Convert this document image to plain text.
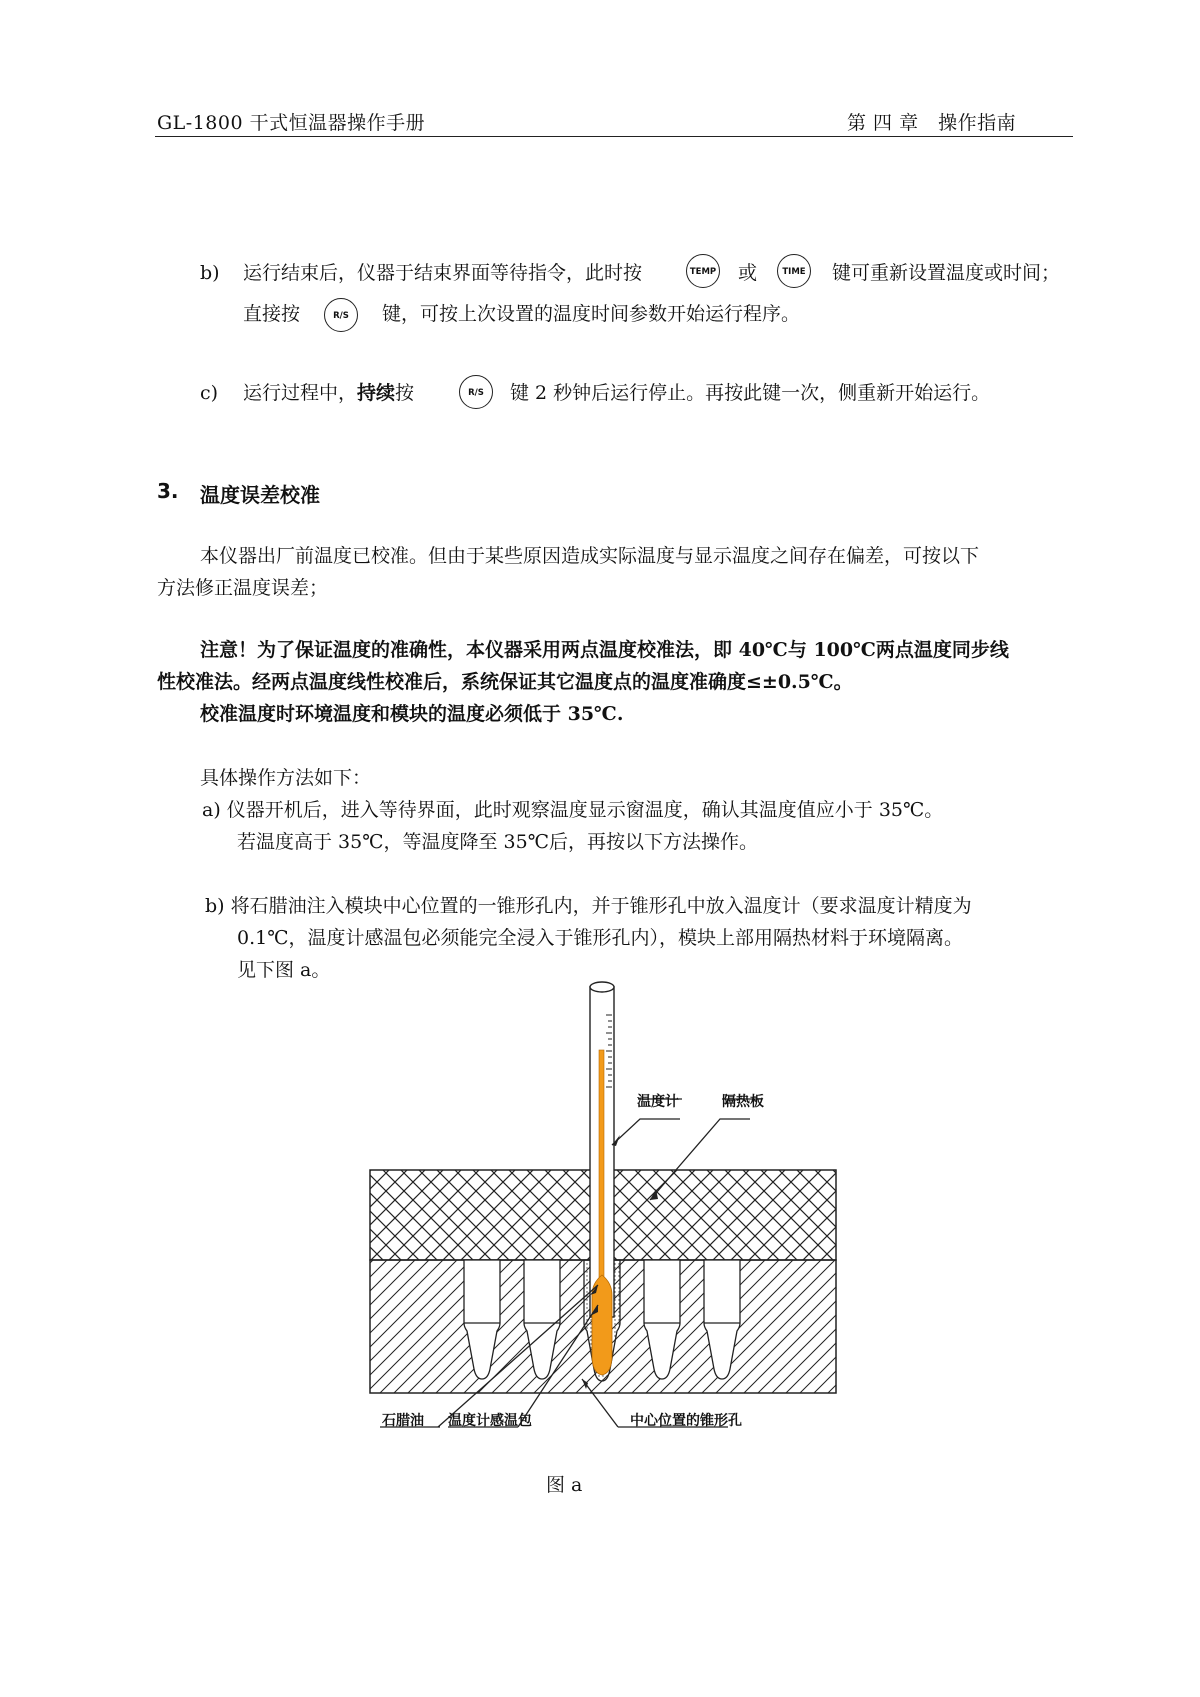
GL-1800 干式恒温器操作手册	第 四 章　操作指南
b) 运行结束后，仪器于结束界面等待指令，此时按	TEMP 或	TIME 键可重新设置温度或时间；
直接按	R/S	键，可按上次设置的温度时间参数开始运行程序。
c) 运行过程中，持续按	R/S	键 2 秒钟后运行停止。再按此键一次，侧重新开始运行。
3. 温度误差校准
本仪器出厂前温度已校准。但由于某些原因造成实际温度与显示温度之间存在偏差，可按以下
方法修正温度误差；
注意！为了保证温度的准确性，本仪器采用两点温度校准法，即 40℃与 100℃两点温度同步线
性校准法。经两点温度线性校准后，系统保证其它温度点的温度准确度≤±0.5℃。
校准温度时环境温度和模块的温度必须低于 35℃.
具体操作方法如下：
a) 仪器开机后，进入等待界面，此时观察温度显示窗温度，确认其温度值应小于 35℃。
若温度高于 35℃，等温度降至 35℃后，再按以下方法操作。
b) 将石腊油注入模块中心位置的一锥形孔内，并于锥形孔中放入温度计（要求温度计精度为
0.1℃，温度计感温包必须能完全浸入于锥形孔内），模块上部用隔热材料于环境隔离。
见下图 a。
温度计	隔热板
石腊油 温度计感温包	中心位置的锥形孔
图 a
